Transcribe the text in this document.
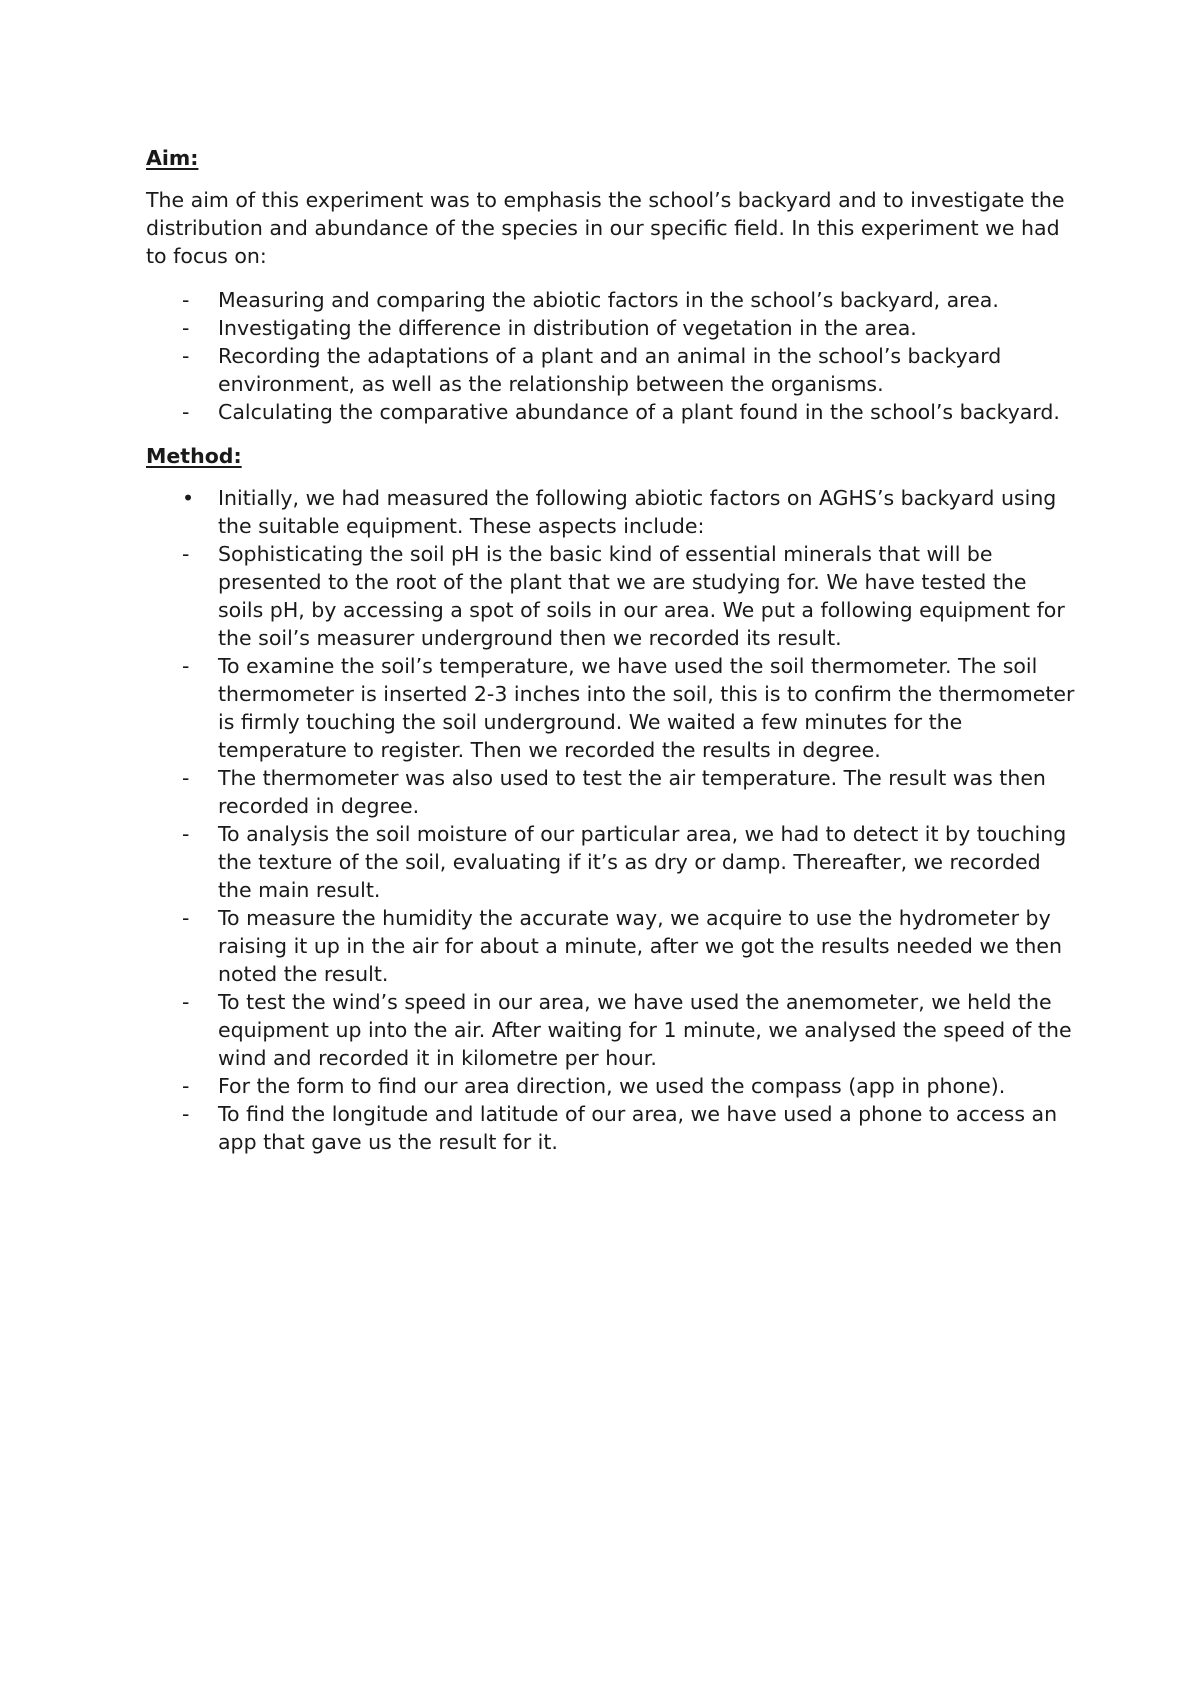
Aim:

The aim of this experiment was to emphasis the school’s backyard and to investigate the distribution and abundance of the species in our specific field. In this experiment we had to focus on:

-	Measuring and comparing the abiotic factors in the school’s backyard, area.
-	Investigating the difference in distribution of vegetation in the area.
-	Recording the adaptations of a plant and an animal in the school’s backyard environment, as well as the relationship between the organisms.
-	Calculating the comparative abundance of a plant found in the school’s backyard.

Method:

•	Initially, we had measured the following abiotic factors on AGHS’s backyard using the suitable equipment. These aspects include:
-	Sophisticating the soil pH is the basic kind of essential minerals that will be presented to the root of the plant that we are studying for. We have tested the soils pH, by accessing a spot of soils in our area. We put a following equipment for the soil’s measurer underground then we recorded its result.
-	To examine the soil’s temperature, we have used the soil thermometer. The soil thermometer is inserted 2-3 inches into the soil, this is to confirm the thermometer is firmly touching the soil underground. We waited a few minutes for the temperature to register. Then we recorded the results in degree.
-	The thermometer was also used to test the air temperature. The result was then recorded in degree.
-	To analysis the soil moisture of our particular area, we had to detect it by touching the texture of the soil, evaluating if it’s as dry or damp. Thereafter, we recorded the main result.
-	To measure the humidity the accurate way, we acquire to use the hydrometer by raising it up in the air for about a minute, after we got the results needed we then noted the result.
-	To test the wind’s speed in our area, we have used the anemometer, we held the equipment up into the air. After waiting for 1 minute, we analysed the speed of the wind and recorded it in kilometre per hour.
-	For the form to find our area direction, we used the compass (app in phone).
-	To find the longitude and latitude of our area, we have used a phone to access an app that gave us the result for it.
